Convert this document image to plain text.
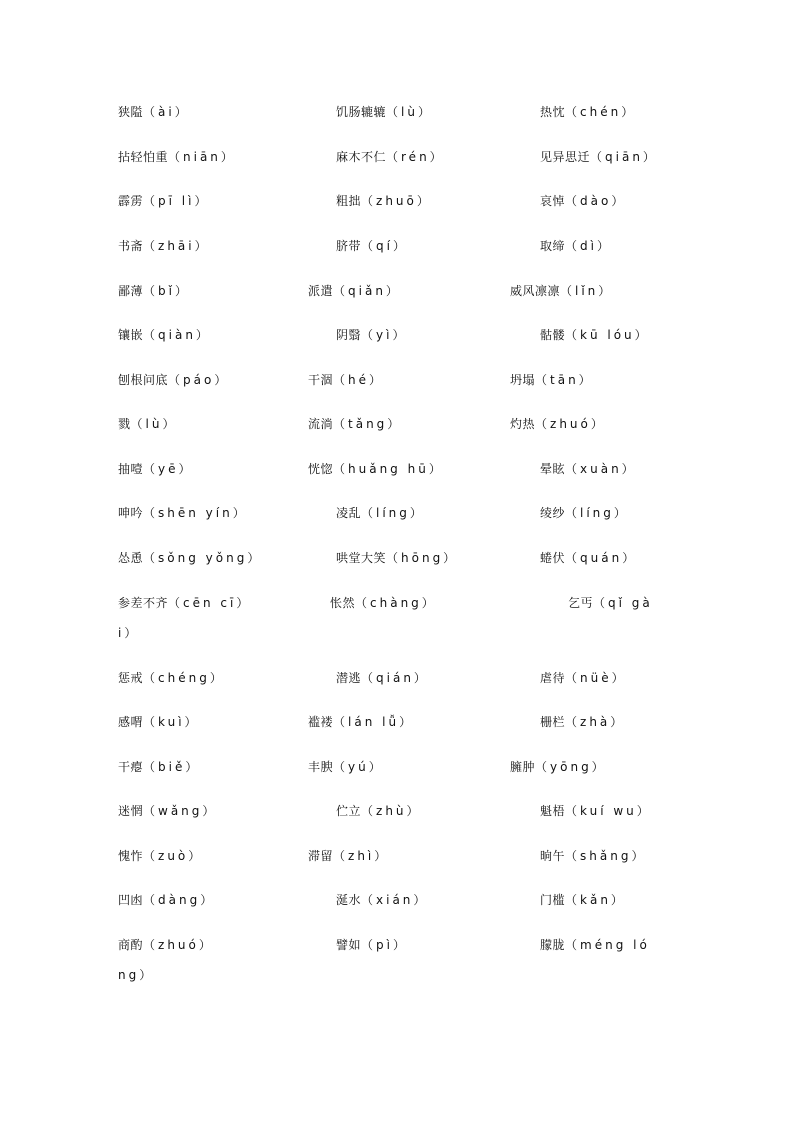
狭隘（ài）	饥肠辘辘（lù）	热忱（chén）
拈轻怕重（niān）	麻木不仁（rén）	见异思迁（qiān）
霹雳（pī lì）	粗拙（zhuō）	哀悼（dào）
书斋（zhāi）	脐带（qí）	取缔（dì）
鄙薄（bǐ）	派遣（qiǎn）	威风凛凛（lǐn）
镶嵌（qiàn）	阴翳（yì）	骷髅（kū lóu）
刨根问底（páo）	干涸（hé）	坍塌（tān）
戮（lù）	流淌（tǎng）	灼热（zhuó）
抽噎（yē）	恍惚（huǎng hū）	晕眩（xuàn）
呻吟（shēn yín）	凌乱（líng）	绫纱（líng）
怂恿（sǒng yǒng）	哄堂大笑（hōng）	蜷伏（quán）
参差不齐（cēn cī）	怅然（chàng）	乞丐（qǐ gà
i）
惩戒（chéng）	潜逃（qián）	虐待（nüè）
感喟（kuì）	褴褛（lán lǚ）	栅栏（zhà）
干瘪（biě）	丰腴（yú）	臃肿（yōng）
迷惘（wǎng）	伫立（zhù）	魁梧（kuí wu）
愧怍（zuò）	滞留（zhì）	晌午（shǎng）
凹凼（dàng）	涎水（xián）	门槛（kǎn）
商酌（zhuó）	譬如（pì）	朦胧（méng ló
ng）
